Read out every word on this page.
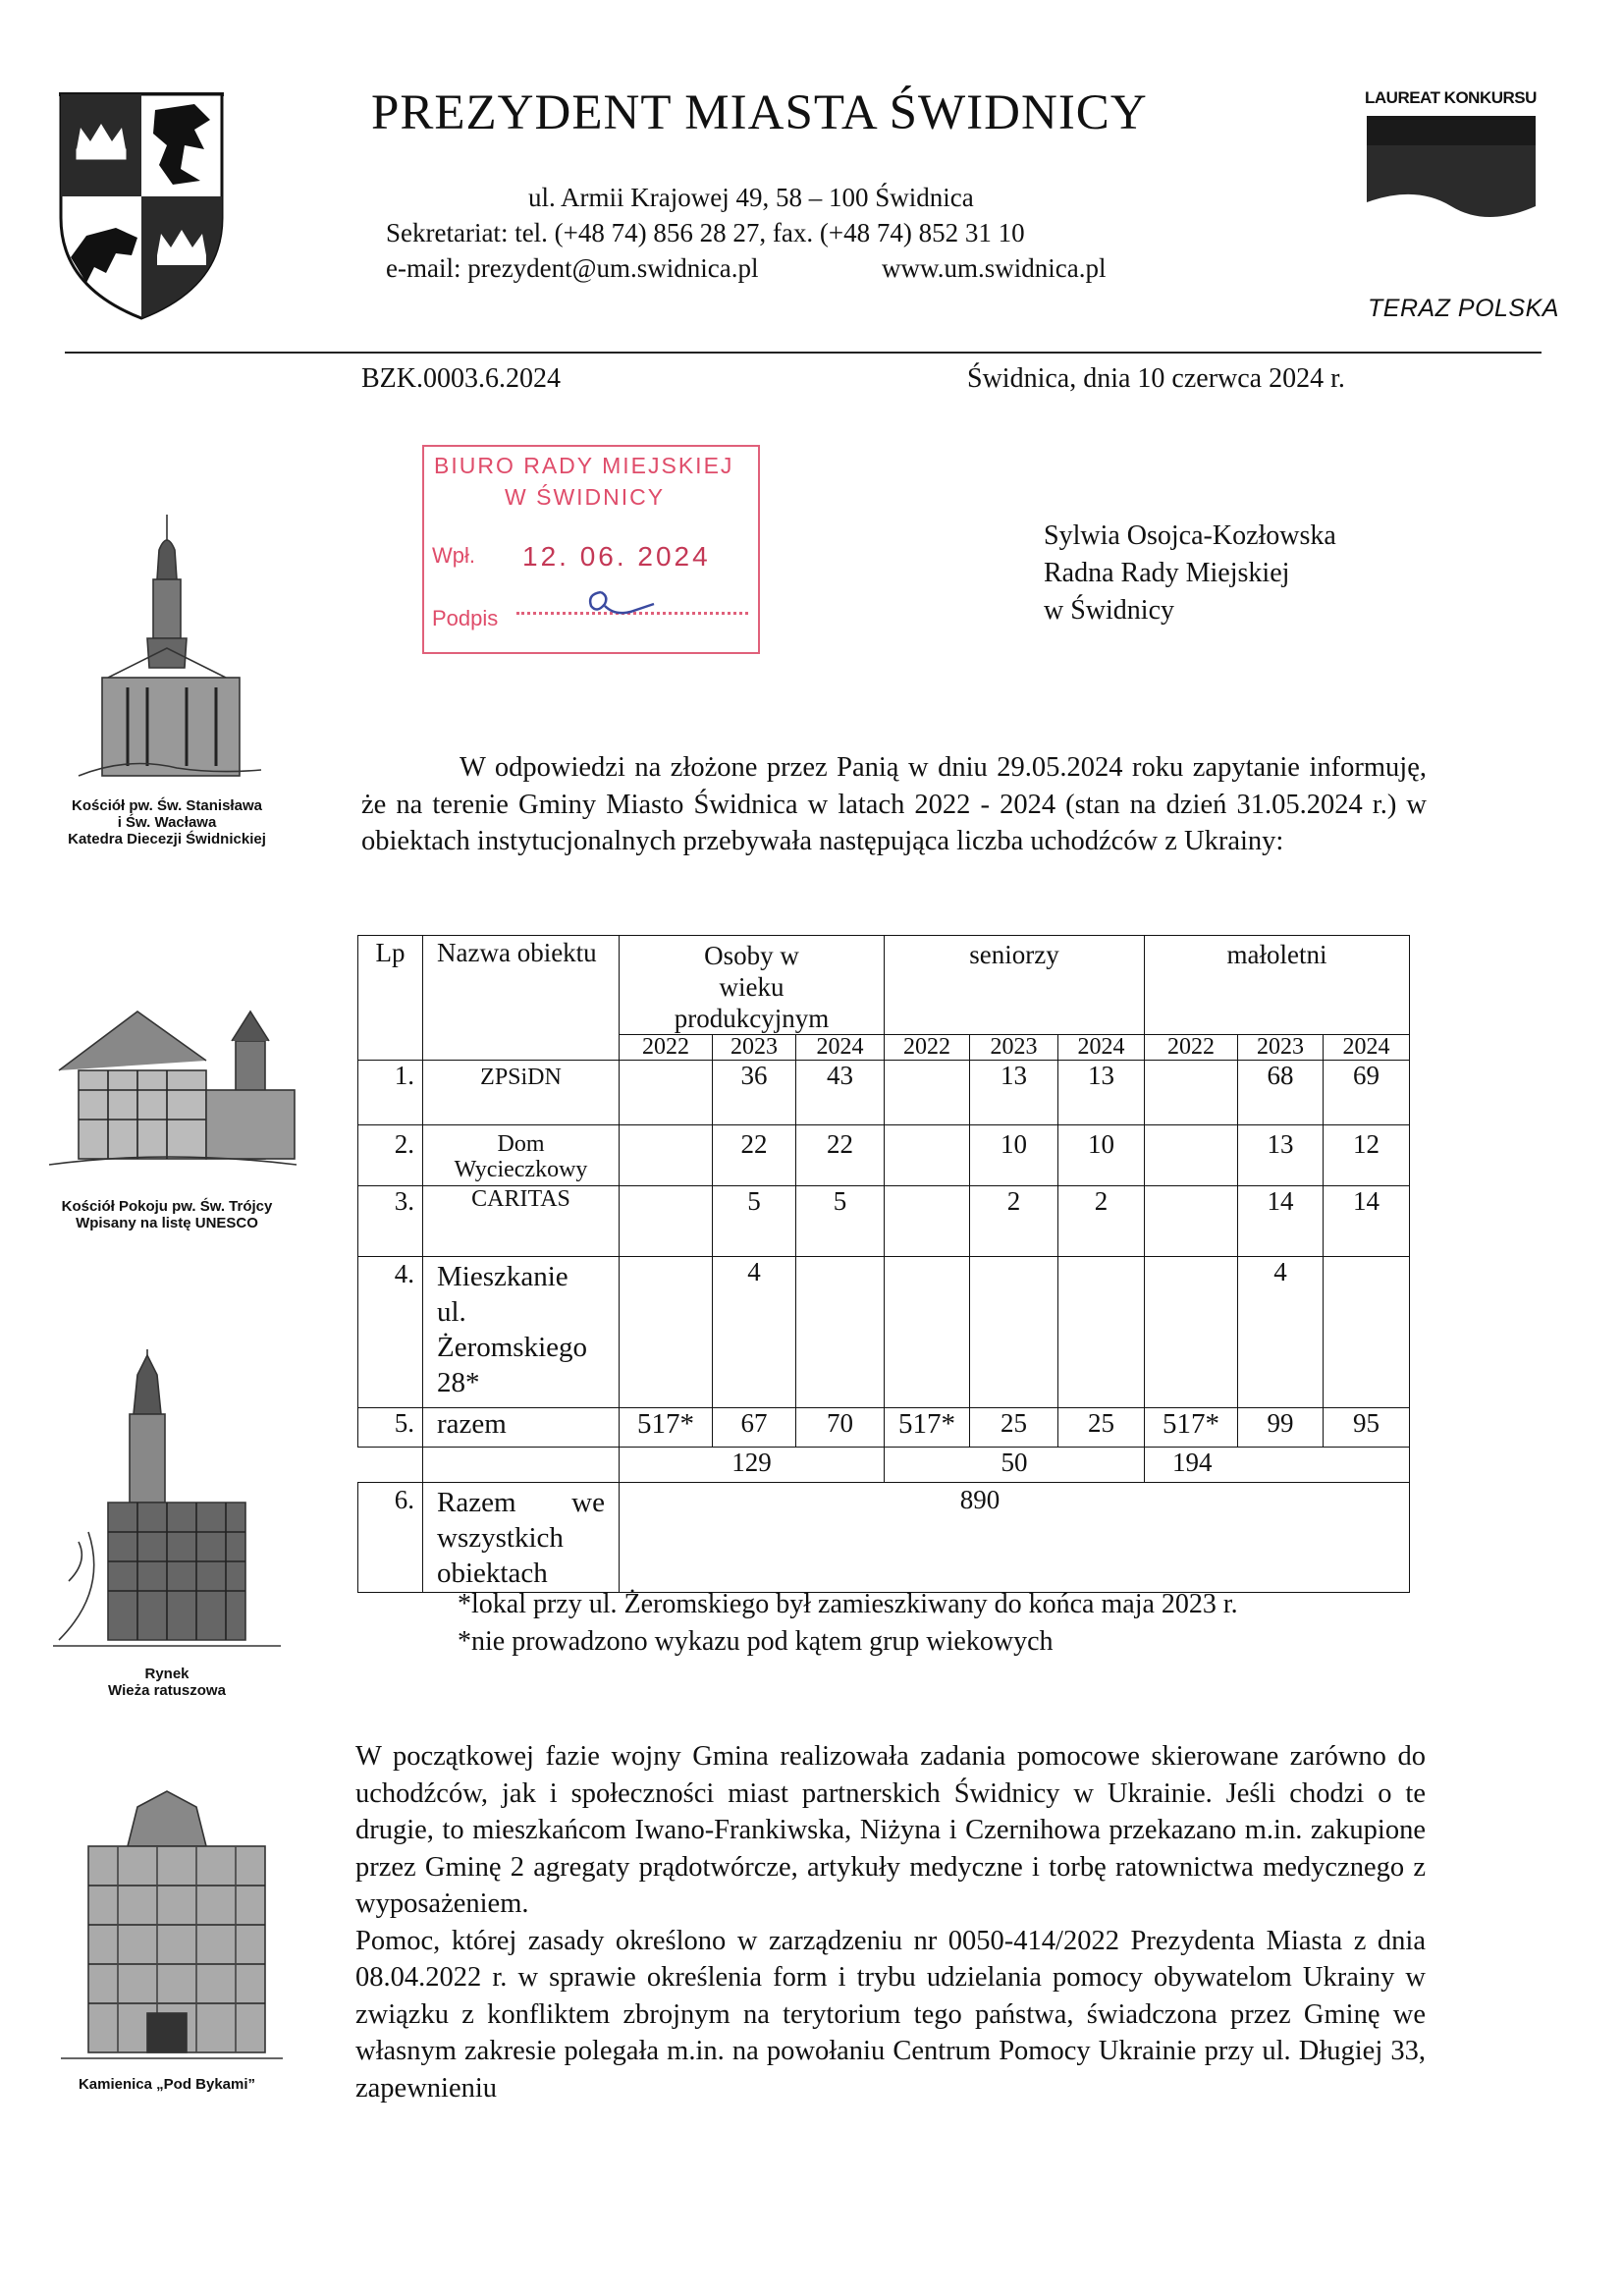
PREZYDENT MIASTA ŚWIDNICY
ul. Armii Krajowej 49, 58 – 100 Świdnica
Sekretariat: tel. (+48 74) 856 28 27, fax. (+48 74) 852 31 10
e-mail: prezydent@um.swidnica.pl	www.um.swidnica.pl
LAUREAT KONKURSU
TERAZ POLSKA
BZK.0003.6.2024	Świdnica, dnia 10 czerwca 2024 r.
BIURO RADY MIEJSKIEJ
W ŚWIDNICY
Wpł. 12. 06. 2024
Podpis
Sylwia Osojca-Kozłowska
Radna Rady Miejskiej
w Świdnicy
Kościół pw. Św. Stanisława
i Św. Wacława
Katedra Diecezji Świdnickiej
Kościół Pokoju pw. Św. Trójcy
Wpisany na listę UNESCO
Rynek
Wieża ratuszowa
Kamienica „Pod Bykami”
W odpowiedzi na złożone przez Panią w dniu 29.05.2024 roku zapytanie informuję, że na terenie Gminy Miasto Świdnica w latach 2022 - 2024 (stan na dzień 31.05.2024 r.) w obiektach instytucjonalnych przebywała następująca liczba uchodźców z Ukrainy:
Lp	Nazwa obiektu	Osoby w wieku produkcyjnym			seniorzy			małoletni		
		2022	2023	2024	2022	2023	2024	2022	2023	2024
1.	ZPSiDN		36	43		13	13		68	69
2.	Dom Wycieczkowy		22	22		10	10		13	12
3.	CARITAS		5	5		2	2		14	14
4.	Mieszkanie ul. Żeromskiego 28*		4						4	
5.	razem	517*	67	70	517*	25	25	517*	99	95
		129			50			194		
6.	Razem we wszystkich obiektach	890								
*lokal przy ul. Żeromskiego był zamieszkiwany do końca maja 2023 r.
*nie prowadzono wykazu pod kątem grup wiekowych
W początkowej fazie wojny Gmina realizowała zadania pomocowe skierowane zarówno do uchodźców, jak i społeczności miast partnerskich Świdnicy w Ukrainie. Jeśli chodzi o te drugie, to mieszkańcom Iwano-Frankiwska, Niżyna i Czernihowa przekazano m.in. zakupione przez Gminę 2 agregaty prądotwórcze, artykuły medyczne i torbę ratownictwa medycznego z wyposażeniem.
Pomoc, której zasady określono w zarządzeniu nr 0050-414/2022 Prezydenta Miasta z dnia 08.04.2022 r. w sprawie określenia form i trybu udzielania pomocy obywatelom Ukrainy w związku z konfliktem zbrojnym na terytorium tego państwa, świadczona przez Gminę we własnym zakresie polegała m.in. na powołaniu Centrum Pomocy Ukrainie przy ul. Długiej 33, zapewnieniu
